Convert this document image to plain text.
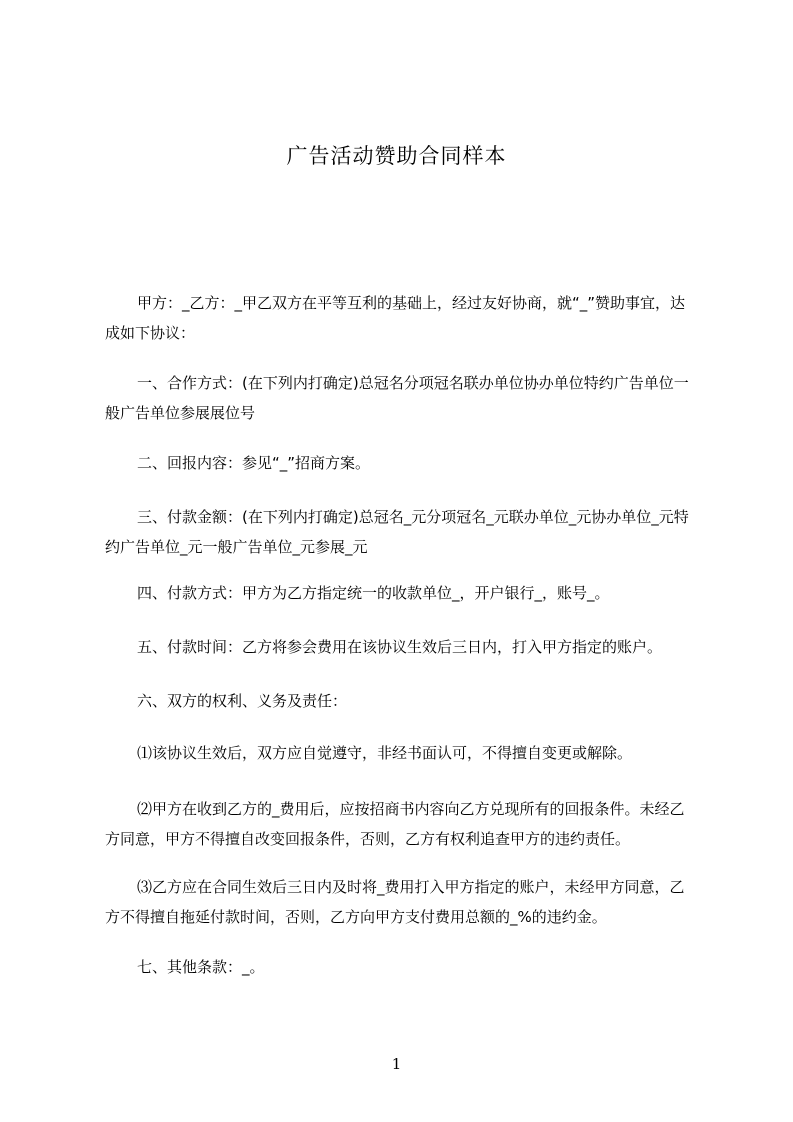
广告活动赞助合同样本

甲方：_乙方：_甲乙双方在平等互利的基础上，经过友好协商，就“_”赞助事宜，达成如下协议：

一、合作方式：(在下列内打确定)总冠名分项冠名联办单位协办单位特约广告单位一般广告单位参展展位号

二、回报内容：参见“_”招商方案。

三、付款金额：(在下列内打确定)总冠名_元分项冠名_元联办单位_元协办单位_元特约广告单位_元一般广告单位_元参展_元

四、付款方式：甲方为乙方指定统一的收款单位_，开户银行_，账号_。

五、付款时间：乙方将参会费用在该协议生效后三日内，打入甲方指定的账户。

六、双方的权利、义务及责任：

⑴该协议生效后，双方应自觉遵守，非经书面认可，不得擅自变更或解除。

⑵甲方在收到乙方的_费用后，应按招商书内容向乙方兑现所有的回报条件。未经乙方同意，甲方不得擅自改变回报条件，否则，乙方有权利追查甲方的违约责任。

⑶乙方应在合同生效后三日内及时将_费用打入甲方指定的账户，未经甲方同意，乙方不得擅自拖延付款时间，否则，乙方向甲方支付费用总额的_%的违约金。

七、其他条款：_。

1
